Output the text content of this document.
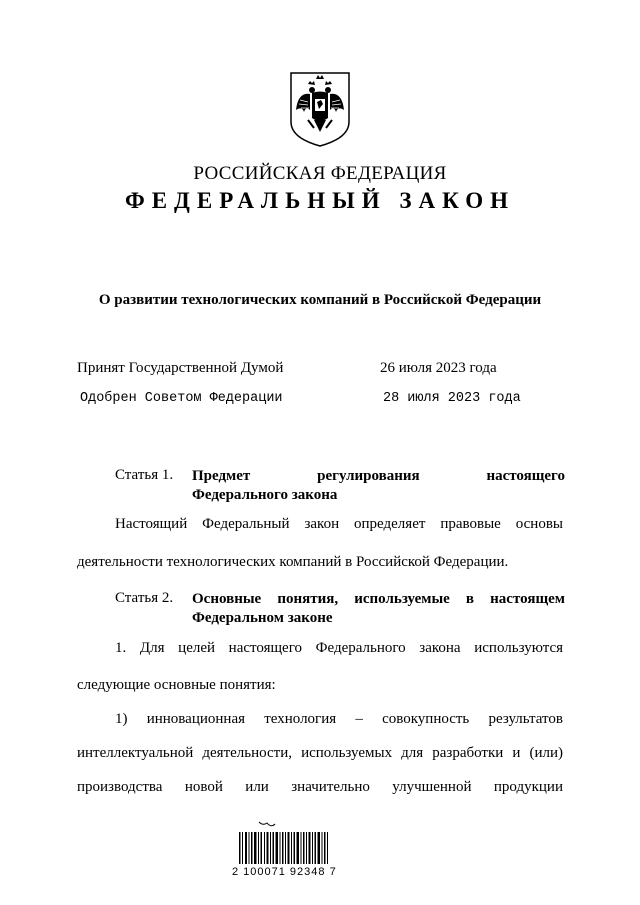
РОССИЙСКАЯ ФЕДЕРАЦИЯ
ФЕДЕРАЛЬНЫЙ ЗАКОН
О развитии технологических компаний в Российской Федерации
Принят Государственной Думой	26 июля 2023 года
Одобрен Советом Федерации	28 июля 2023 года
Статья 1. Предмет регулирования настоящего
Федерального закона
Настоящий Федеральный закон определяет правовые основы
деятельности технологических компаний в Российской Федерации.
Статья 2. Основные понятия, используемые в настоящем
Федеральном законе
1. Для целей настоящего Федерального закона используются
следующие основные понятия:
1) инновационная технология – совокупность результатов
интеллектуальной деятельности, используемых для разработки и (или)
производства новой или значительно улучшенной продукции
2 100071 92348 7
